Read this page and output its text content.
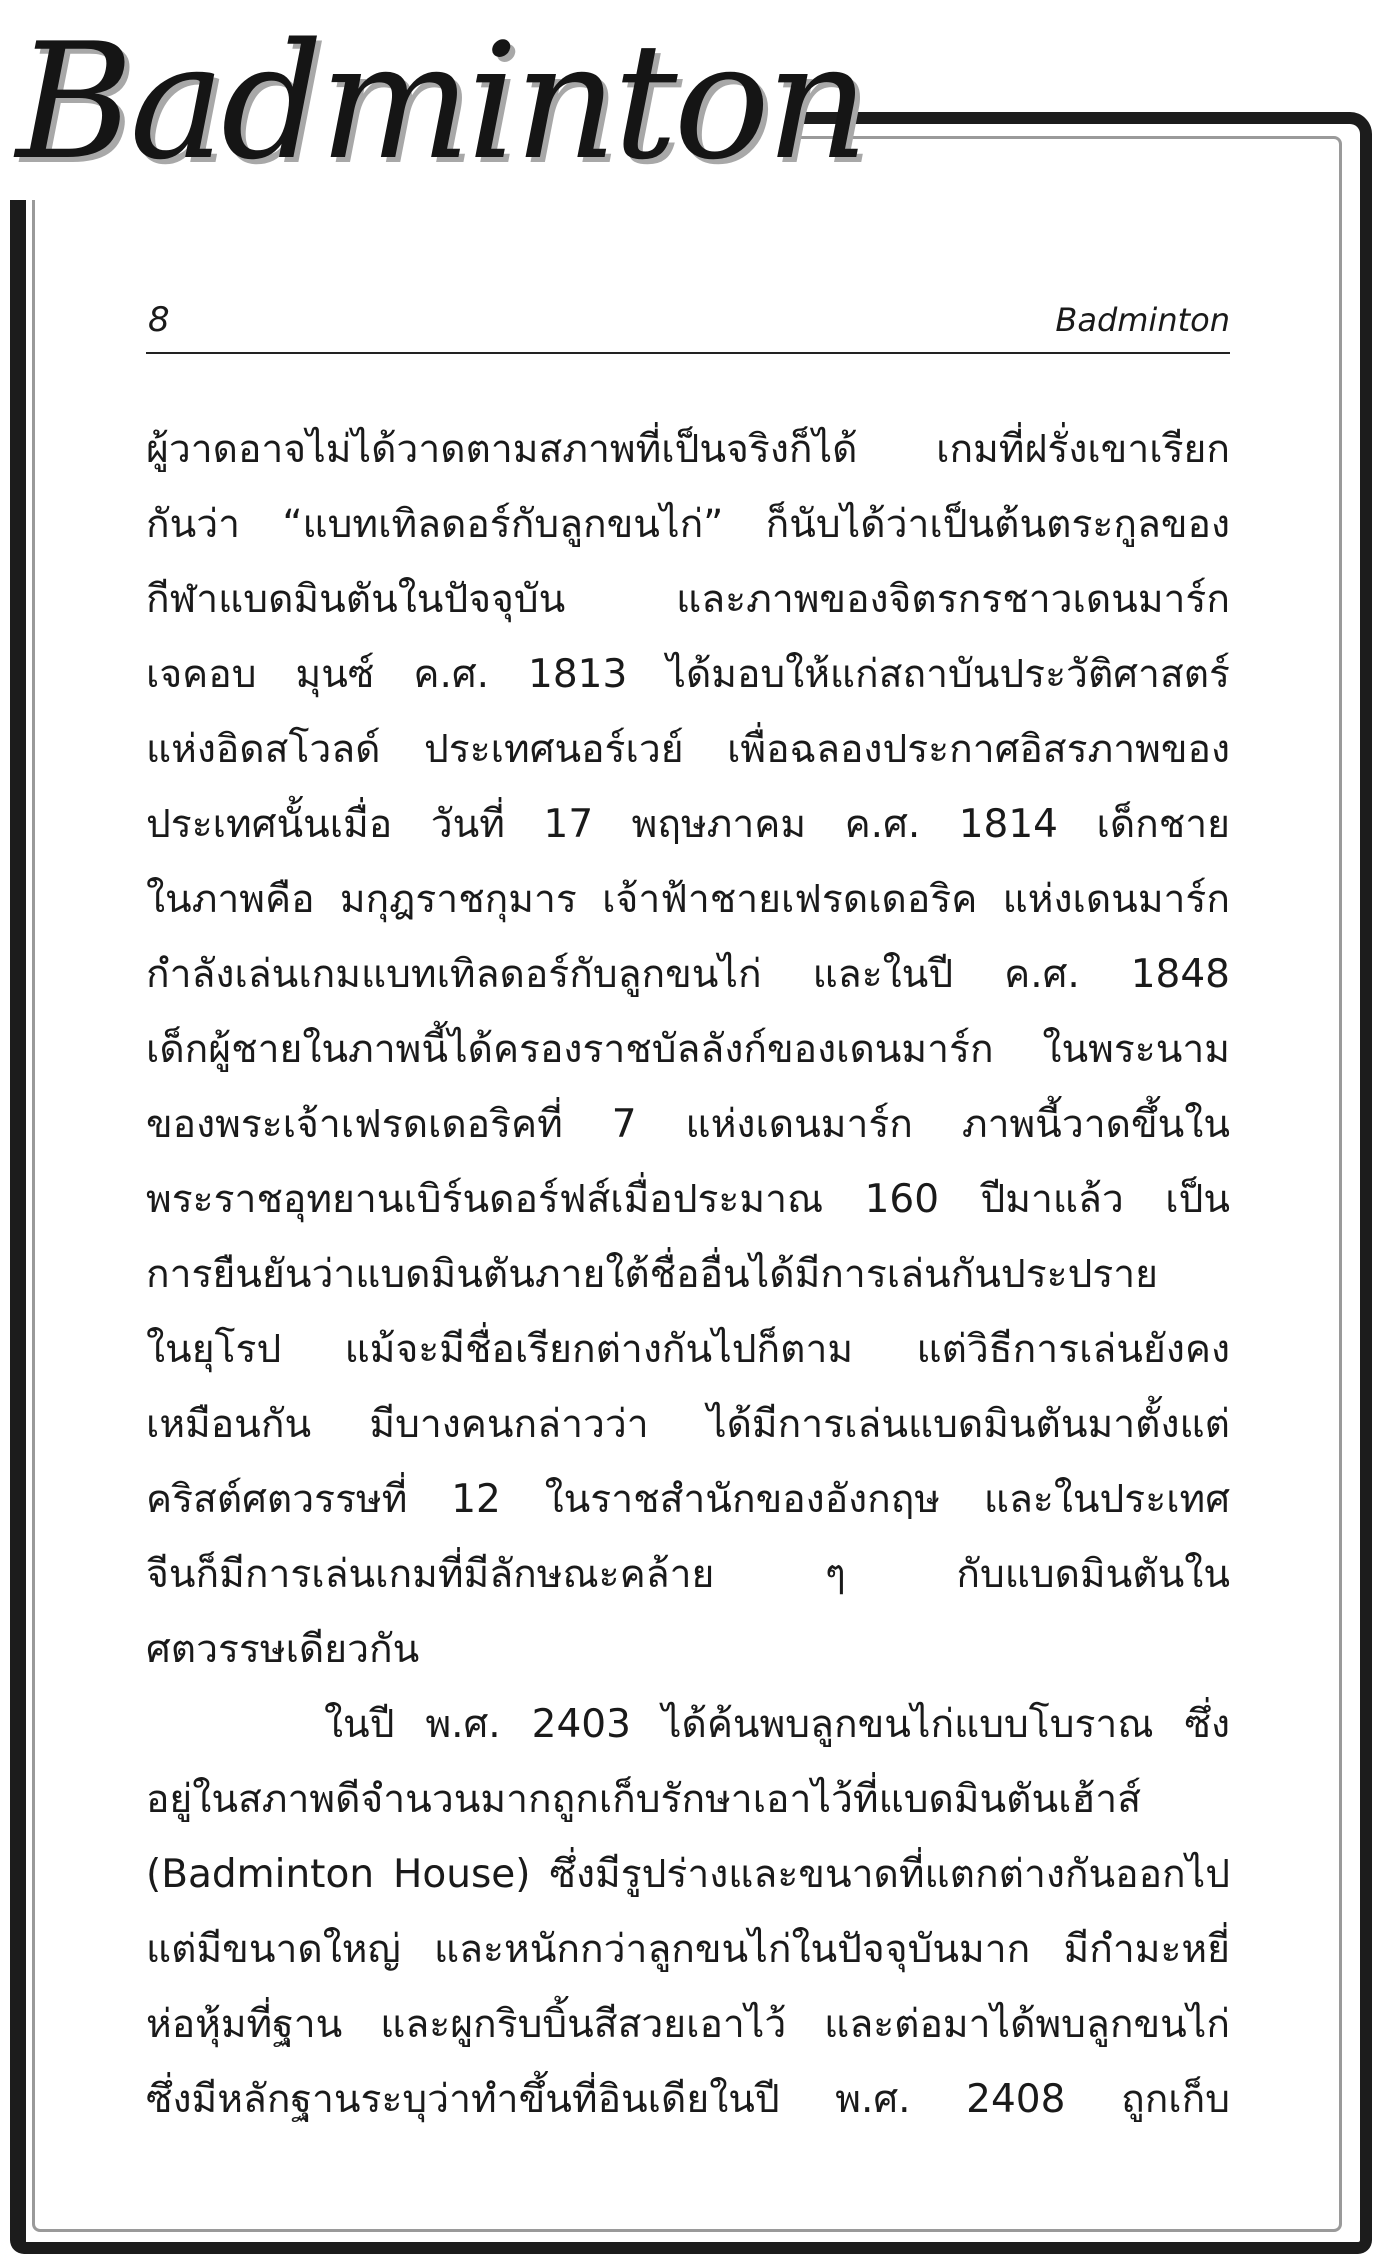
Badminton
8	Badminton
ผู้วาดอาจไม่ได้วาดตามสภาพที่เป็นจริงก็ได้ เกมที่ฝรั่งเขาเรียก
กันว่า “แบทเทิลดอร์กับลูกขนไก่” ก็นับได้ว่าเป็นต้นตระกูลของ
กีฬาแบดมินตันในปัจจุบัน และภาพของจิตรกรชาวเดนมาร์ก
เจคอบ มุนซ์ ค.ศ. 1813 ได้มอบให้แก่สถาบันประวัติศาสตร์
แห่งอิดสโวลด์ ประเทศนอร์เวย์ เพื่อฉลองประกาศอิสรภาพของ
ประเทศนั้นเมื่อ วันที่ 17 พฤษภาคม ค.ศ. 1814 เด็กชาย
ในภาพคือ มกุฎราชกุมาร เจ้าฟ้าชายเฟรดเดอริค แห่งเดนมาร์ก
กำลังเล่นเกมแบทเทิลดอร์กับลูกขนไก่ และในปี ค.ศ. 1848
เด็กผู้ชายในภาพนี้ได้ครองราชบัลลังก์ของเดนมาร์ก ในพระนาม
ของพระเจ้าเฟรดเดอริคที่ 7 แห่งเดนมาร์ก ภาพนี้วาดขึ้นใน
พระราชอุทยานเบิร์นดอร์ฟส์เมื่อประมาณ 160 ปีมาแล้ว เป็น
การยืนยันว่าแบดมินตันภายใต้ชื่ออื่นได้มีการเล่นกันประปราย
ในยุโรป แม้จะมีชื่อเรียกต่างกันไปก็ตาม แต่วิธีการเล่นยังคง
เหมือนกัน มีบางคนกล่าวว่า ได้มีการเล่นแบดมินตันมาตั้งแต่
คริสต์ศตวรรษที่ 12 ในราชสำนักของอังกฤษ และในประเทศ
จีนก็มีการเล่นเกมที่มีลักษณะคล้าย ๆ กับแบดมินตันใน
ศตวรรษเดียวกัน
ในปี พ.ศ. 2403 ได้ค้นพบลูกขนไก่แบบโบราณ ซึ่ง
อยู่ในสภาพดีจำนวนมากถูกเก็บรักษาเอาไว้ที่แบดมินตันเฮ้าส์
(Badminton House) ซึ่งมีรูปร่างและขนาดที่แตกต่างกันออกไป
แต่มีขนาดใหญ่ และหนักกว่าลูกขนไก่ในปัจจุบันมาก มีกำมะหยี่
ห่อหุ้มที่ฐาน และผูกริบบิ้นสีสวยเอาไว้ และต่อมาได้พบลูกขนไก่
ซึ่งมีหลักฐานระบุว่าทำขึ้นที่อินเดียในปี พ.ศ. 2408 ถูกเก็บ
